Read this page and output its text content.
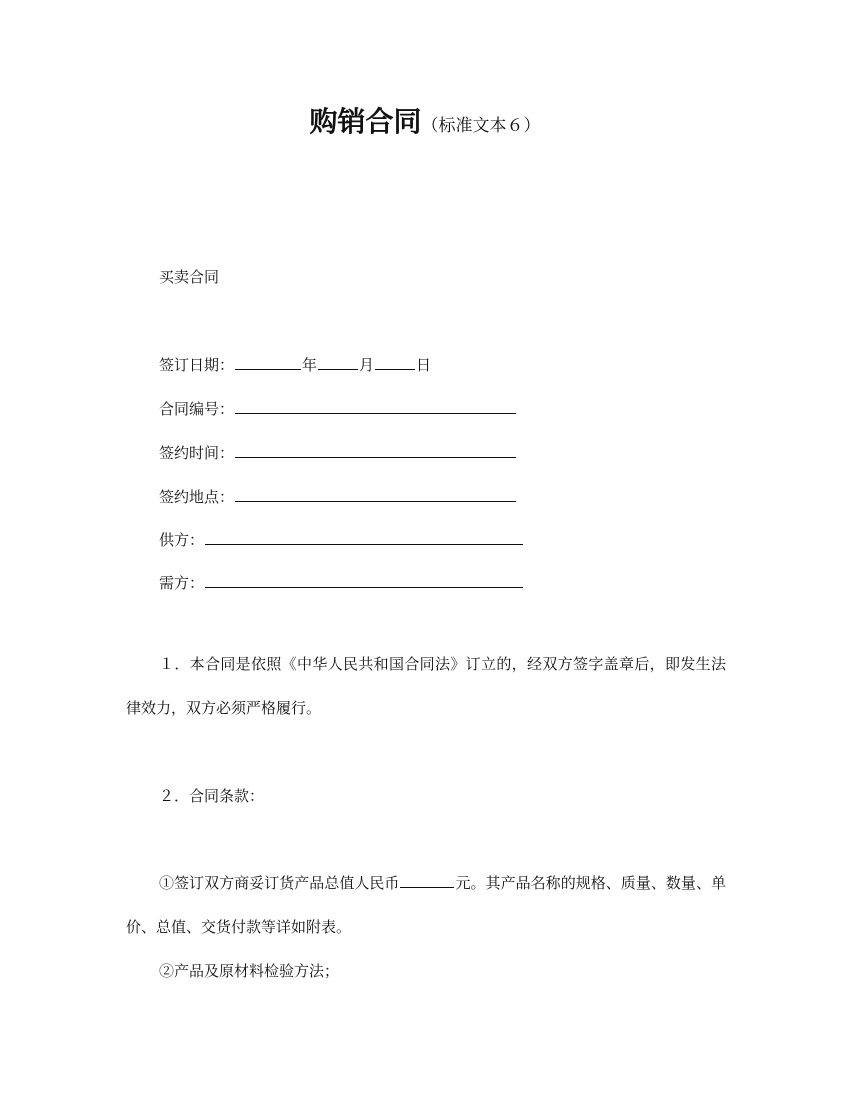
购销合同（标准文本６）
买卖合同
签订日期：	年	月	日
合同编号：
签约时间：
签约地点：
供方：
需方：
１．本合同是依照《中华人民共和国合同法》订立的，经双方签字盖章后，即发生法律效力，双方必须严格履行。
２．合同条款：
①签订双方商妥订货产品总值人民币	元。其产品名称的规格、质量、数量、单价、总值、交货付款等详如附表。
②产品及原材料检验方法；
